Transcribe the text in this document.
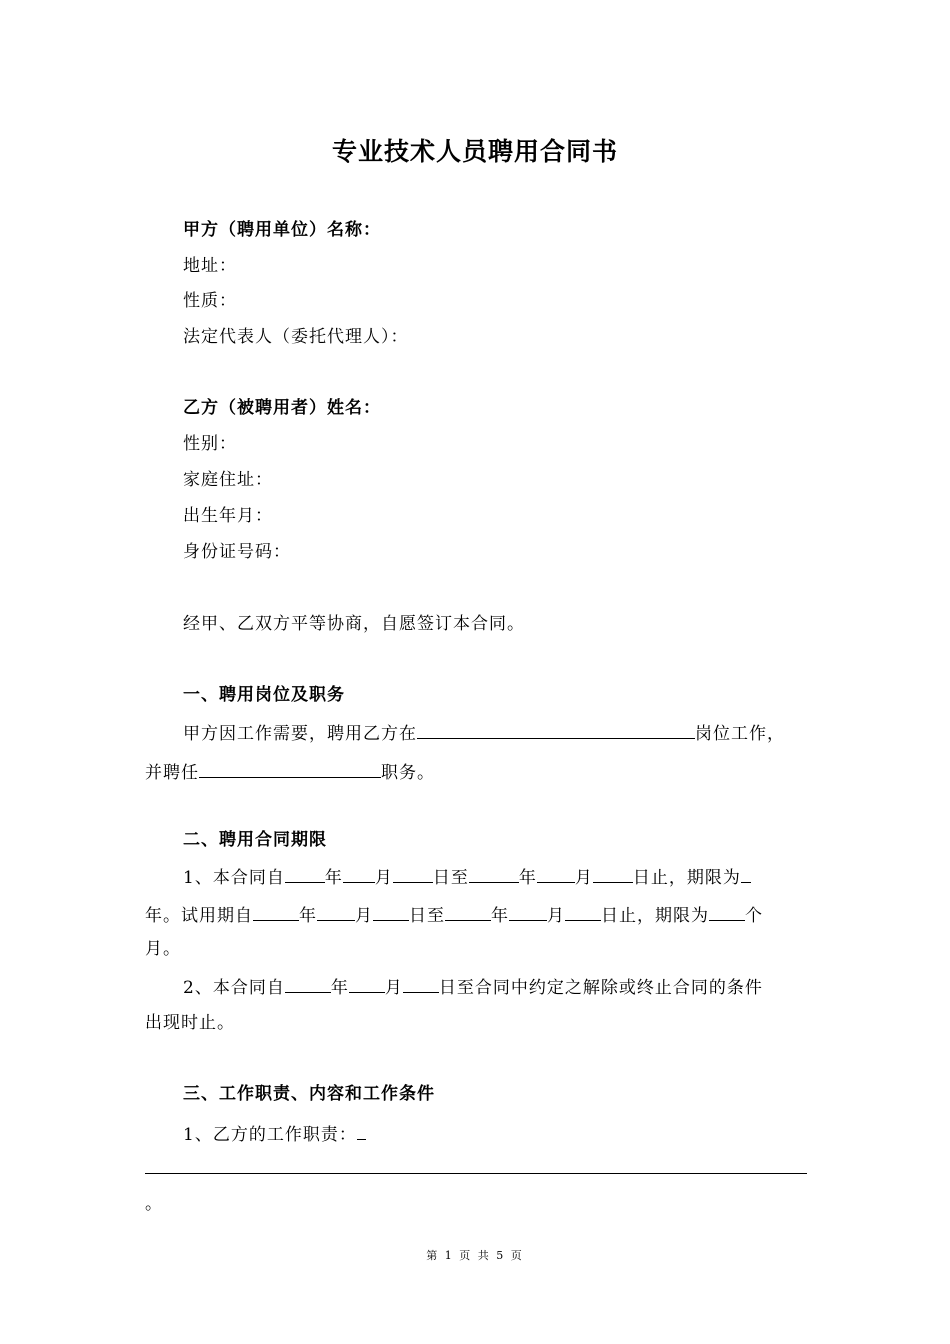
专业技术人员聘用合同书
甲方（聘用单位）名称：
地址：
性质：
法定代表人（委托代理人）：
乙方（被聘用者）姓名：
性别：
家庭住址：
出生年月：
身份证号码：
经甲、乙双方平等协商，自愿签订本合同。
一、聘用岗位及职务
甲方因工作需要，聘用乙方在	岗位工作，
并聘任	职务。
二、聘用合同期限
1、本合同自 年 月 日至	年 月 日止，期限为
年。试用期自	年 月 日至	年 月 日止，期限为 个
月。
2、本合同自	年 月 日至合同中约定之解除或终止合同的条件
出现时止。
三、工作职责、内容和工作条件
1、乙方的工作职责：
。
第 1 页 共 5 页
